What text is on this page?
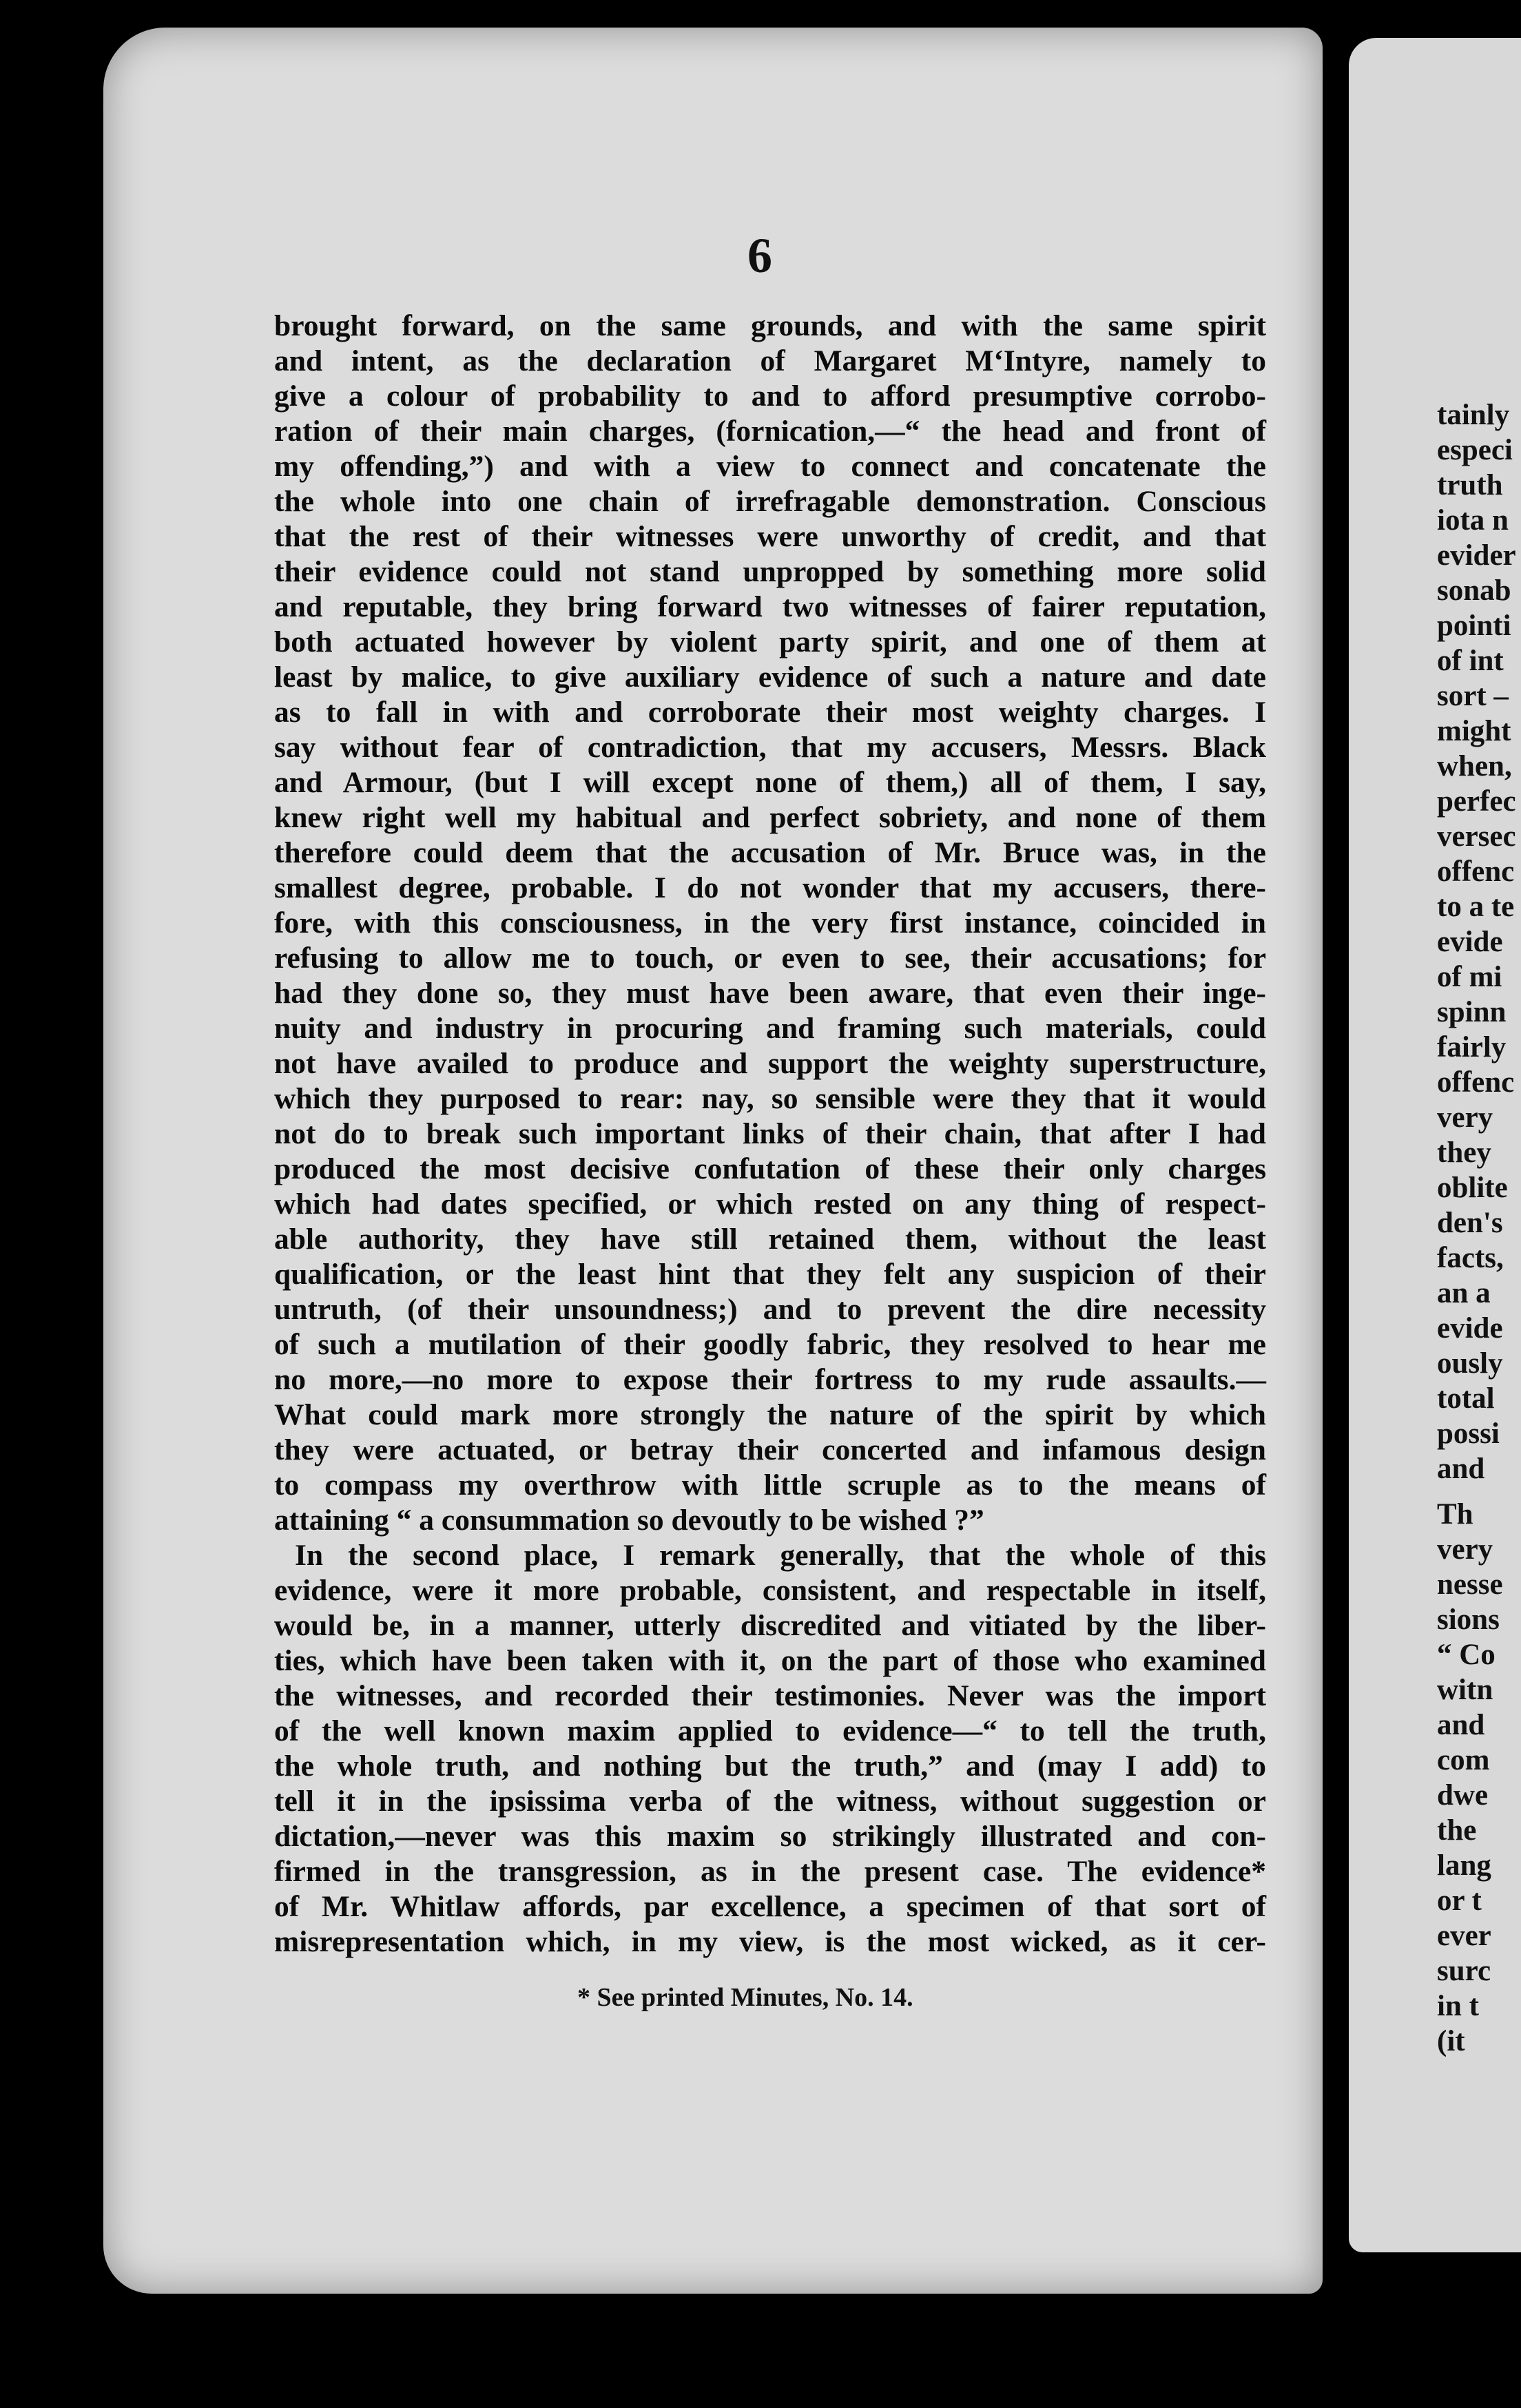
6
brought forward, on the same grounds, and with the same spirit
and intent, as the declaration of Margaret M‘Intyre, namely to
give a colour of probability to and to afford presumptive corrobo-
ration of their main charges, (fornication,—“ the head and front of
my offending,”) and with a view to connect and concatenate the
the whole into one chain of irrefragable demonstration. Conscious
that the rest of their witnesses were unworthy of credit, and that
their evidence could not stand unpropped by something more solid
and reputable, they bring forward two witnesses of fairer reputation,
both actuated however by violent party spirit, and one of them at
least by malice, to give auxiliary evidence of such a nature and date
as to fall in with and corroborate their most weighty charges. I
say without fear of contradiction, that my accusers, Messrs. Black
and Armour, (but I will except none of them,) all of them, I say,
knew right well my habitual and perfect sobriety, and none of them
therefore could deem that the accusation of Mr. Bruce was, in the
smallest degree, probable. I do not wonder that my accusers, there-
fore, with this consciousness, in the very first instance, coincided in
refusing to allow me to touch, or even to see, their accusations; for
had they done so, they must have been aware, that even their inge-
nuity and industry in procuring and framing such materials, could
not have availed to produce and support the weighty superstructure,
which they purposed to rear: nay, so sensible were they that it would
not do to break such important links of their chain, that after I had
produced the most decisive confutation of these their only charges
which had dates specified, or which rested on any thing of respect-
able authority, they have still retained them, without the least
qualification, or the least hint that they felt any suspicion of their
untruth, (of their unsoundness;) and to prevent the dire necessity
of such a mutilation of their goodly fabric, they resolved to hear me
no more,—no more to expose their fortress to my rude assaults.—
What could mark more strongly the nature of the spirit by which
they were actuated, or betray their concerted and infamous design
to compass my overthrow with little scruple as to the means of
attaining “ a consummation so devoutly to be wished ?”
In the second place, I remark generally, that the whole of this
evidence, were it more probable, consistent, and respectable in itself,
would be, in a manner, utterly discredited and vitiated by the liber-
ties, which have been taken with it, on the part of those who examined
the witnesses, and recorded their testimonies. Never was the import
of the well known maxim applied to evidence—“ to tell the truth,
the whole truth, and nothing but the truth,” and (may I add) to
tell it in the ipsissima verba of the witness, without suggestion or
dictation,—never was this maxim so strikingly illustrated and con-
firmed in the transgression, as in the present case. The evidence*
of Mr. Whitlaw affords, par excellence, a specimen of that sort of
misrepresentation which, in my view, is the most wicked, as it cer-
* See printed Minutes, No. 14.
tainly
especi
truth
iota n
evider
sonab
pointi
of int
sort –
might
when,
perfec
versec
offenc
to a te
evide
of mi
spinn
fairly
offenc
very
they
oblite
den's
facts,
an a
evide
ously
total
possi
and
Th
very
nesse
sions
“ Co
witn
and
com
dwe
the
lang
or t
ever
surc
in t
(it
